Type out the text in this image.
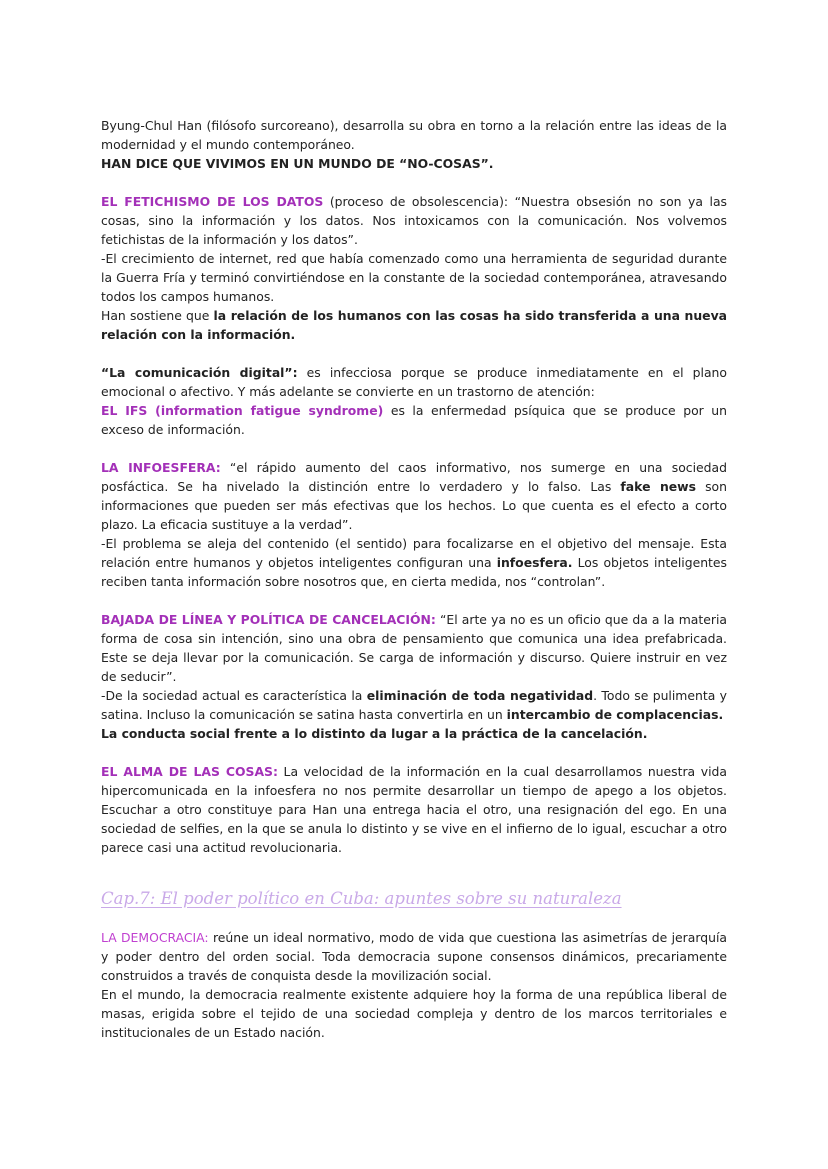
Byung-Chul Han (filósofo surcoreano), desarrolla su obra en torno a la relación entre las ideas de la modernidad y el mundo contemporáneo.

HAN DICE QUE VIVIMOS EN UN MUNDO DE “NO-COSAS”.

EL FETICHISMO DE LOS DATOS (proceso de obsolescencia): “Nuestra obsesión no son ya las cosas, sino la información y los datos. Nos intoxicamos con la comunicación. Nos volvemos fetichistas de la información y los datos”.

-El crecimiento de internet, red que había comenzado como una herramienta de seguridad durante la Guerra Fría y terminó convirtiéndose en la constante de la sociedad contemporánea, atravesando todos los campos humanos.

Han sostiene que la relación de los humanos con las cosas ha sido transferida a una nueva relación con la información.

“La comunicación digital”: es infecciosa porque se produce inmediatamente en el plano emocional o afectivo. Y más adelante se convierte en un trastorno de atención:

EL IFS (information fatigue syndrome) es la enfermedad psíquica que se produce por un exceso de información.

LA INFOESFERA: “el rápido aumento del caos informativo, nos sumerge en una sociedad posfáctica. Se ha nivelado la distinción entre lo verdadero y lo falso. Las fake news son informaciones que pueden ser más efectivas que los hechos. Lo que cuenta es el efecto a corto plazo. La eficacia sustituye a la verdad”.

-El problema se aleja del contenido (el sentido) para focalizarse en el objetivo del mensaje. Esta relación entre humanos y objetos inteligentes configuran una infoesfera. Los objetos inteligentes reciben tanta información sobre nosotros que, en cierta medida, nos “controlan”.

BAJADA DE LÍNEA Y POLÍTICA DE CANCELACIÓN: “El arte ya no es un oficio que da a la materia forma de cosa sin intención, sino una obra de pensamiento que comunica una idea prefabricada. Este se deja llevar por la comunicación. Se carga de información y discurso. Quiere instruir en vez de seducir”.

-De la sociedad actual es característica la eliminación de toda negatividad. Todo se pulimenta y satina. Incluso la comunicación se satina hasta convertirla en un intercambio de complacencias.

La conducta social frente a lo distinto da lugar a la práctica de la cancelación.

EL ALMA DE LAS COSAS: La velocidad de la información en la cual desarrollamos nuestra vida hipercomunicada en la infoesfera no nos permite desarrollar un tiempo de apego a los objetos. Escuchar a otro constituye para Han una entrega hacia el otro, una resignación del ego. En una sociedad de selfies, en la que se anula lo distinto y se vive en el infierno de lo igual, escuchar a otro parece casi una actitud revolucionaria.

Cap.7: El poder político en Cuba: apuntes sobre su naturaleza

LA DEMOCRACIA: reúne un ideal normativo, modo de vida que cuestiona las asimetrías de jerarquía y poder dentro del orden social. Toda democracia supone consensos dinámicos, precariamente construidos a través de conquista desde la movilización social.

En el mundo, la democracia realmente existente adquiere hoy la forma de una república liberal de masas, erigida sobre el tejido de una sociedad compleja y dentro de los marcos territoriales e institucionales de un Estado nación.
